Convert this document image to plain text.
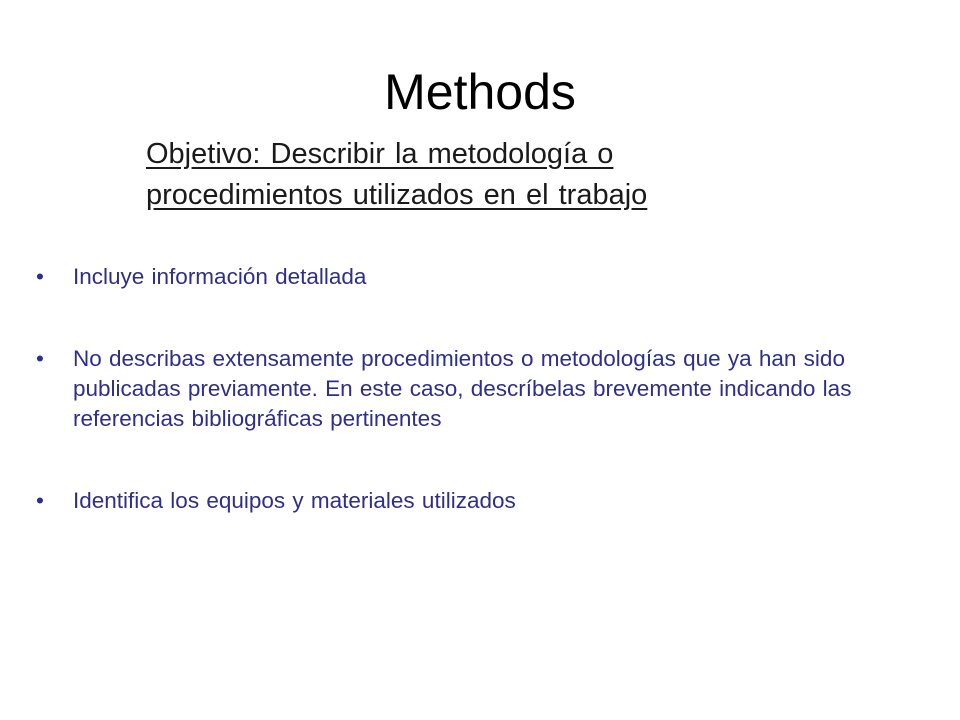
Methods
Objetivo: Describir la metodología o
procedimientos utilizados en el trabajo
• Incluye información detallada
• No describas extensamente procedimientos o metodologías que ya han sido publicadas previamente. En este caso, descríbelas brevemente indicando las referencias bibliográficas pertinentes
• Identifica los equipos y materiales utilizados
